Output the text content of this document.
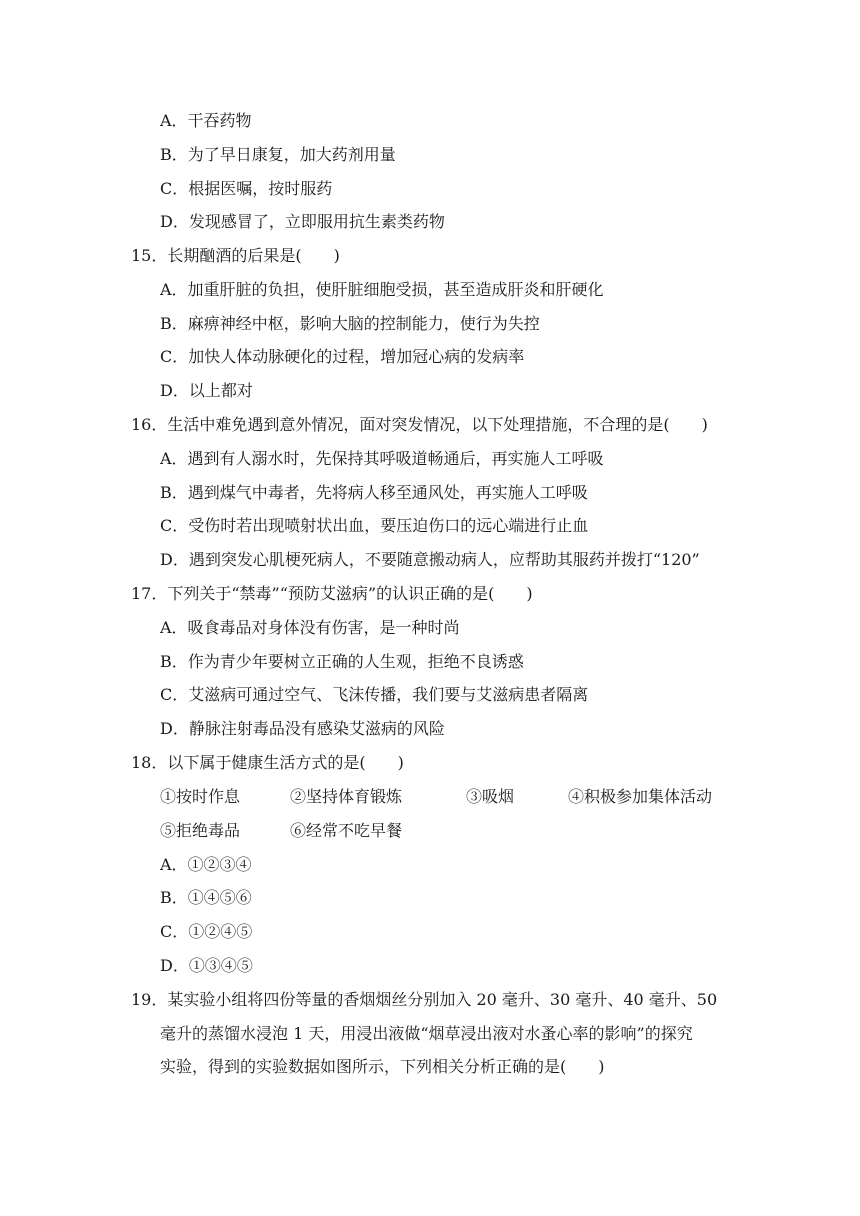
A．干吞药物
B．为了早日康复，加大药剂用量
C．根据医嘱，按时服药
D．发现感冒了，立即服用抗生素类药物
15．长期酗酒的后果是(　　)
A．加重肝脏的负担，使肝脏细胞受损，甚至造成肝炎和肝硬化
B．麻痹神经中枢，影响大脑的控制能力，使行为失控
C．加快人体动脉硬化的过程，增加冠心病的发病率
D．以上都对
16．生活中难免遇到意外情况，面对突发情况，以下处理措施，不合理的是(　　)
A．遇到有人溺水时，先保持其呼吸道畅通后，再实施人工呼吸
B．遇到煤气中毒者，先将病人移至通风处，再实施人工呼吸
C．受伤时若出现喷射状出血，要压迫伤口的远心端进行止血
D．遇到突发心肌梗死病人，不要随意搬动病人，应帮助其服药并拨打“120”
17．下列关于“禁毒”“预防艾滋病”的认识正确的是(　　)
A．吸食毒品对身体没有伤害，是一种时尚
B．作为青少年要树立正确的人生观，拒绝不良诱惑
C．艾滋病可通过空气、飞沫传播，我们要与艾滋病患者隔离
D．静脉注射毒品没有感染艾滋病的风险
18．以下属于健康生活方式的是(　　)
①按时作息	②坚持体育锻炼	③吸烟	④积极参加集体活动
⑤拒绝毒品	⑥经常不吃早餐
A．①②③④
B．①④⑤⑥
C．①②④⑤
D．①③④⑤
19．某实验小组将四份等量的香烟烟丝分别加入 20 毫升、30 毫升、40 毫升、50
毫升的蒸馏水浸泡 1 天，用浸出液做“烟草浸出液对水蚤心率的影响”的探究
实验，得到的实验数据如图所示，下列相关分析正确的是(　　)
